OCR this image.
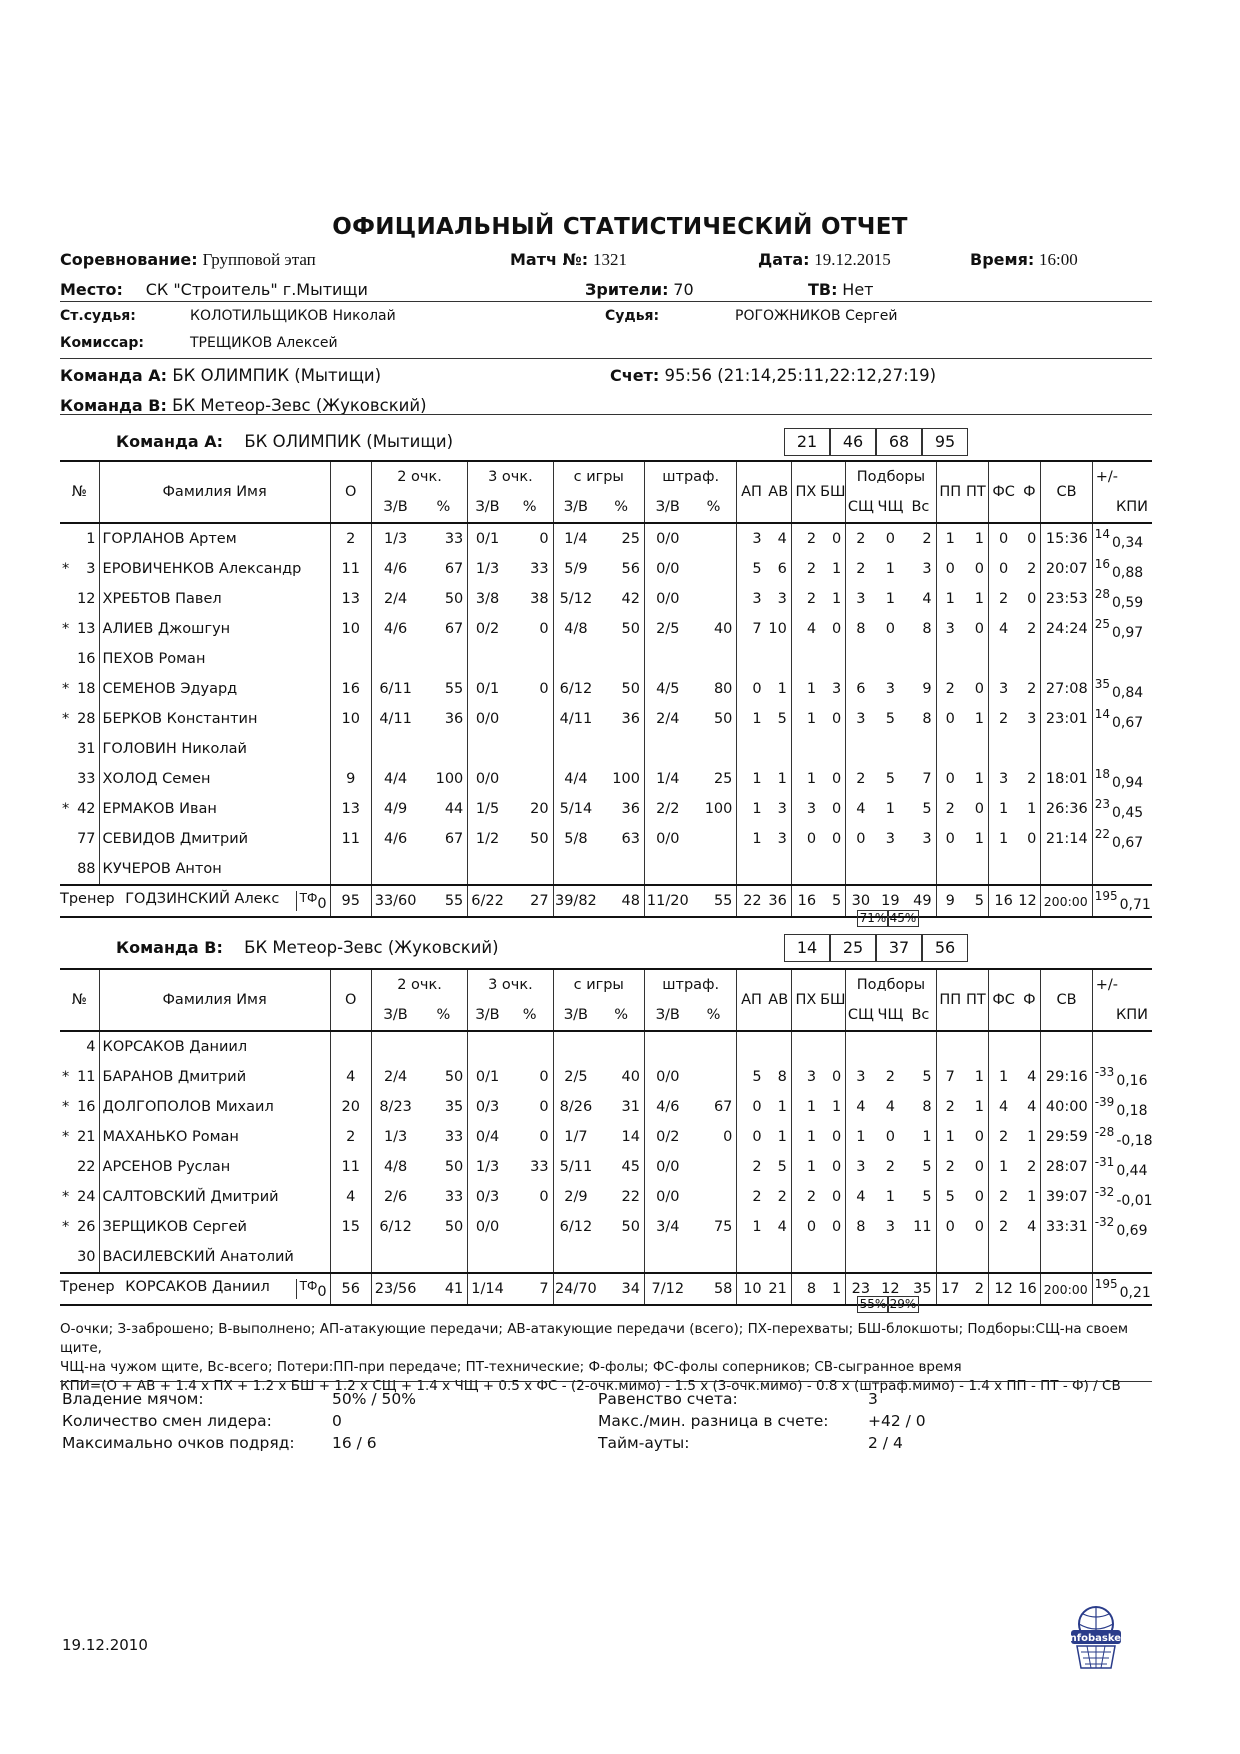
ОФИЦИАЛЬНЫЙ СТАТИСТИЧЕСКИЙ ОТЧЕТ
Соревнование: Групповой этап	Матч №: 1321	Дата: 19.12.2015	Время: 16:00
Место: СК "Строитель" г.Мытищи	Зрители: 70	ТВ: Нет
Ст.судья:	КОЛОТИЛЬЩИКОВ Николай	Судья:	РОГОЖНИКОВ Сергей
Комиссар:	ТРЕЩИКОВ Алексей
Команда А: БК ОЛИМПИК (Мытищи)	Счет: 95:56 (21:14,25:11,22:12,27:19)
Команда В: БК Метеор-Зевс (Жуковский)
Команда А: БК ОЛИМПИК (Мытищи)	21	46	68	95
№	Фамилия Имя	О	2 очк.		3 очк.		с игры		штраф.		АП	АВ	ПХ	БШ	Подборы			ПП	ПТ	ФС	Ф	СВ	+/-
			З/В	%	З/В	%	З/В	%	З/В	%					СЩ	ЧЩ	Вс						КПИ

1	ГОРЛАНОВ Артем	2	1/3	33	0/1	0	1/4	25	0/0		3	4	2	0	2	0	2	1	1	0	0	15:36	$^{14}$0,34

* 3	ЕРОВИЧЕНКОВ Александр	11	4/6	67	1/3	33	5/9	56	0/0		5	6	2	1	2	1	3	0	0	0	2	20:07	$^{16}$0,88

12	ХРЕБТОВ Павел	13	2/4	50	3/8	38	5/12	42	0/0		3	3	2	1	3	1	4	1	1	2	0	23:53	$^{28}$0,59

* 13	АЛИЕВ Джошгун	10	4/6	67	0/2	0	4/8	50	2/5	40	7	10	4	0	8	0	8	3	0	4	2	24:24	$^{25}$0,97

16	ПЕХОВ Роман																						

* 18	СЕМЕНОВ Эдуард	16	6/11	55	0/1	0	6/12	50	4/5	80	0	1	1	3	6	3	9	2	0	3	2	27:08	$^{35}$0,84

* 28	БЕРКОВ Константин	10	4/11	36	0/0		4/11	36	2/4	50	1	5	1	0	3	5	8	0	1	2	3	23:01	$^{14}$0,67

31	ГОЛОВИН Николай																						

33	ХОЛОД Семен	9	4/4	100	0/0		4/4	100	1/4	25	1	1	1	0	2	5	7	0	1	3	2	18:01	$^{18}$0,94

* 42	ЕРМАКОВ Иван	13	4/9	44	1/5	20	5/14	36	2/2	100	1	3	3	0	4	1	5	2	0	1	1	26:36	$^{23}$0,45

77	СЕВИДОВ Дмитрий	11	4/6	67	1/2	50	5/8	63	0/0		1	3	0	0	0	3	3	0	1	1	0	21:14	$^{22}$0,67

88	КУЧЕРОВ Антон																						
Тренер ГОДЗИНСКИЙ Алекс $^{ТФ}$0		95	33/60	55	6/22	27	39/82	48	11/20	55	22	36	16	5	30	19	49	9	5	16	12	200:00	$^{195}$0,71
71% 45%
Команда В: БК Метеор-Зевс (Жуковский)	14	25	37	56
№	Фамилия Имя	О	2 очк.		3 очк.		с игры		штраф.		АП	АВ	ПХ	БШ	Подборы			ПП	ПТ	ФС	Ф	СВ	+/-
			З/В	%	З/В	%	З/В	%	З/В	%					СЩ	ЧЩ	Вс						КПИ

4	КОРСАКОВ Даниил																						

* 11	БАРАНОВ Дмитрий	4	2/4	50	0/1	0	2/5	40	0/0		5	8	3	0	3	2	5	7	1	1	4	29:16	$^{-33}$0,16

* 16	ДОЛГОПОЛОВ Михаил	20	8/23	35	0/3	0	8/26	31	4/6	67	0	1	1	1	4	4	8	2	1	4	4	40:00	$^{-39}$0,18

* 21	МАХАНЬКО Роман	2	1/3	33	0/4	0	1/7	14	0/2	0	0	1	1	0	1	0	1	1	0	2	1	29:59	$^{-28}$-0,18

22	АРСЕНОВ Руслан	11	4/8	50	1/3	33	5/11	45	0/0		2	5	1	0	3	2	5	2	0	1	2	28:07	$^{-31}$0,44

* 24	САЛТОВСКИЙ Дмитрий	4	2/6	33	0/3	0	2/9	22	0/0		2	2	2	0	4	1	5	5	0	2	1	39:07	$^{-32}$-0,01

* 26	ЗЕРЩИКОВ Сергей	15	6/12	50	0/0		6/12	50	3/4	75	1	4	0	0	8	3	11	0	0	2	4	33:31	$^{-32}$0,69

30	ВАСИЛЕВСКИЙ Анатолий																						
Тренер КОРСАКОВ Даниил $^{ТФ}$0		56	23/56	41	1/14	7	24/70	34	7/12	58	10	21	8	1	23	12	35	17	2	12	16	200:00	$^{195}$0,21
55% 29%
О-очки; З-заброшено; В-выполнено; АП-атакующие передачи; АВ-атакующие передачи (всего); ПХ-перехваты; БШ-блокшоты; Подборы:СЩ-на своем щите,
ЧЩ-на чужом щите, Вс-всего; Потери:ПП-при передаче; ПТ-технические; Ф-фолы; ФС-фолы соперников; СВ-сыгранное время
КПИ=(О + АВ + 1.4 x ПХ + 1.2 x БШ + 1.2 x СЩ + 1.4 x ЧЩ + 0.5 x ФС - (2-очк.мимо) - 1.5 x (3-очк.мимо) - 0.8 x (штраф.мимо) - 1.4 x ПП - ПТ - Ф) / СВ
Владение мячом:	50% / 50%
Количество смен лидера:	0
Максимально очков подряд: 16 / 6
Равенство счета:	3
Макс./мин. разница в счете:	+42 / 0
Тайм-ауты:	2 / 4
19.12.2010	infobasket
